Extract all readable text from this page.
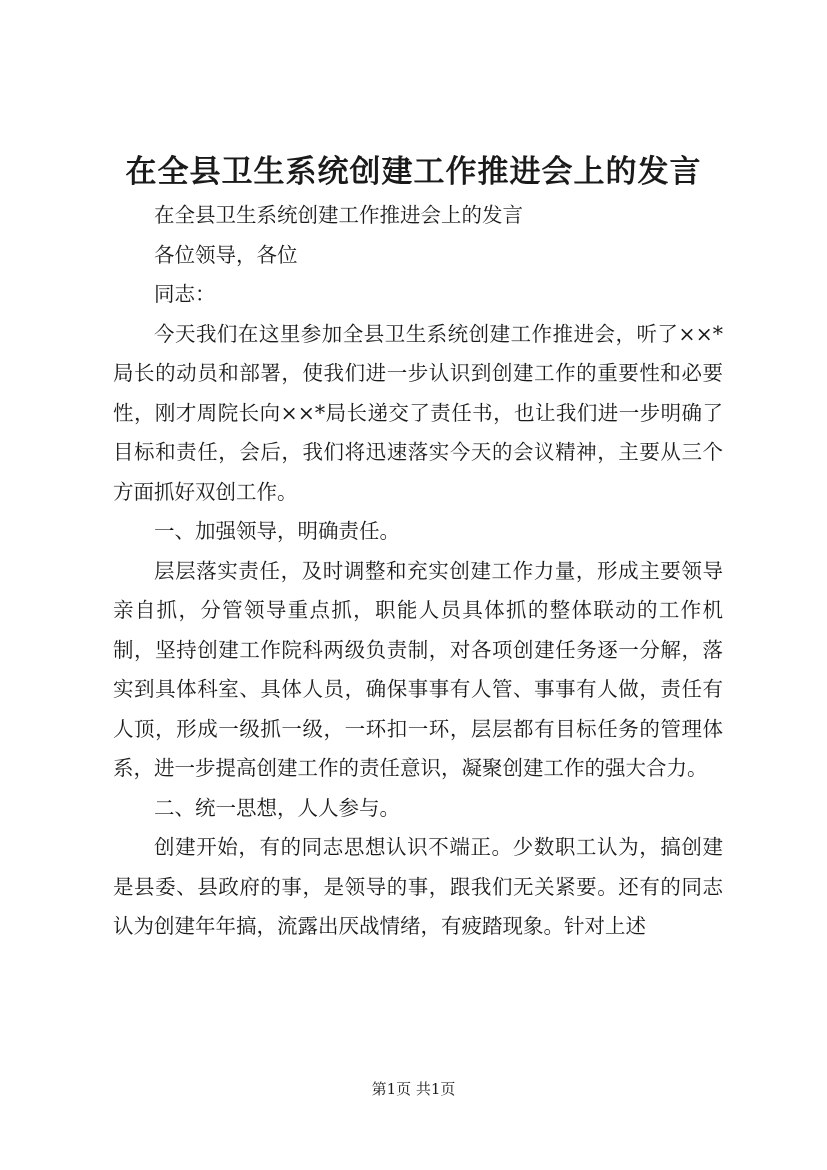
在全县卫生系统创建工作推进会上的发言

在全县卫生系统创建工作推进会上的发言

各位领导，各位

同志：

今天我们在这里参加全县卫生系统创建工作推进会，听了××*局长的动员和部署，使我们进一步认识到创建工作的重要性和必要性，刚才周院长向××*局长递交了责任书，也让我们进一步明确了目标和责任，会后，我们将迅速落实今天的会议精神，主要从三个方面抓好双创工作。

一、加强领导，明确责任。

层层落实责任，及时调整和充实创建工作力量，形成主要领导亲自抓，分管领导重点抓，职能人员具体抓的整体联动的工作机制，坚持创建工作院科两级负责制，对各项创建任务逐一分解，落实到具体科室、具体人员，确保事事有人管、事事有人做，责任有人顶，形成一级抓一级，一环扣一环，层层都有目标任务的管理体系，进一步提高创建工作的责任意识，凝聚创建工作的强大合力。

二、统一思想，人人参与。

创建开始，有的同志思想认识不端正。少数职工认为，搞创建是县委、县政府的事，是领导的事，跟我们无关紧要。还有的同志认为创建年年搞，流露出厌战情绪，有疲踏现象。针对上述

第1页 共1页
